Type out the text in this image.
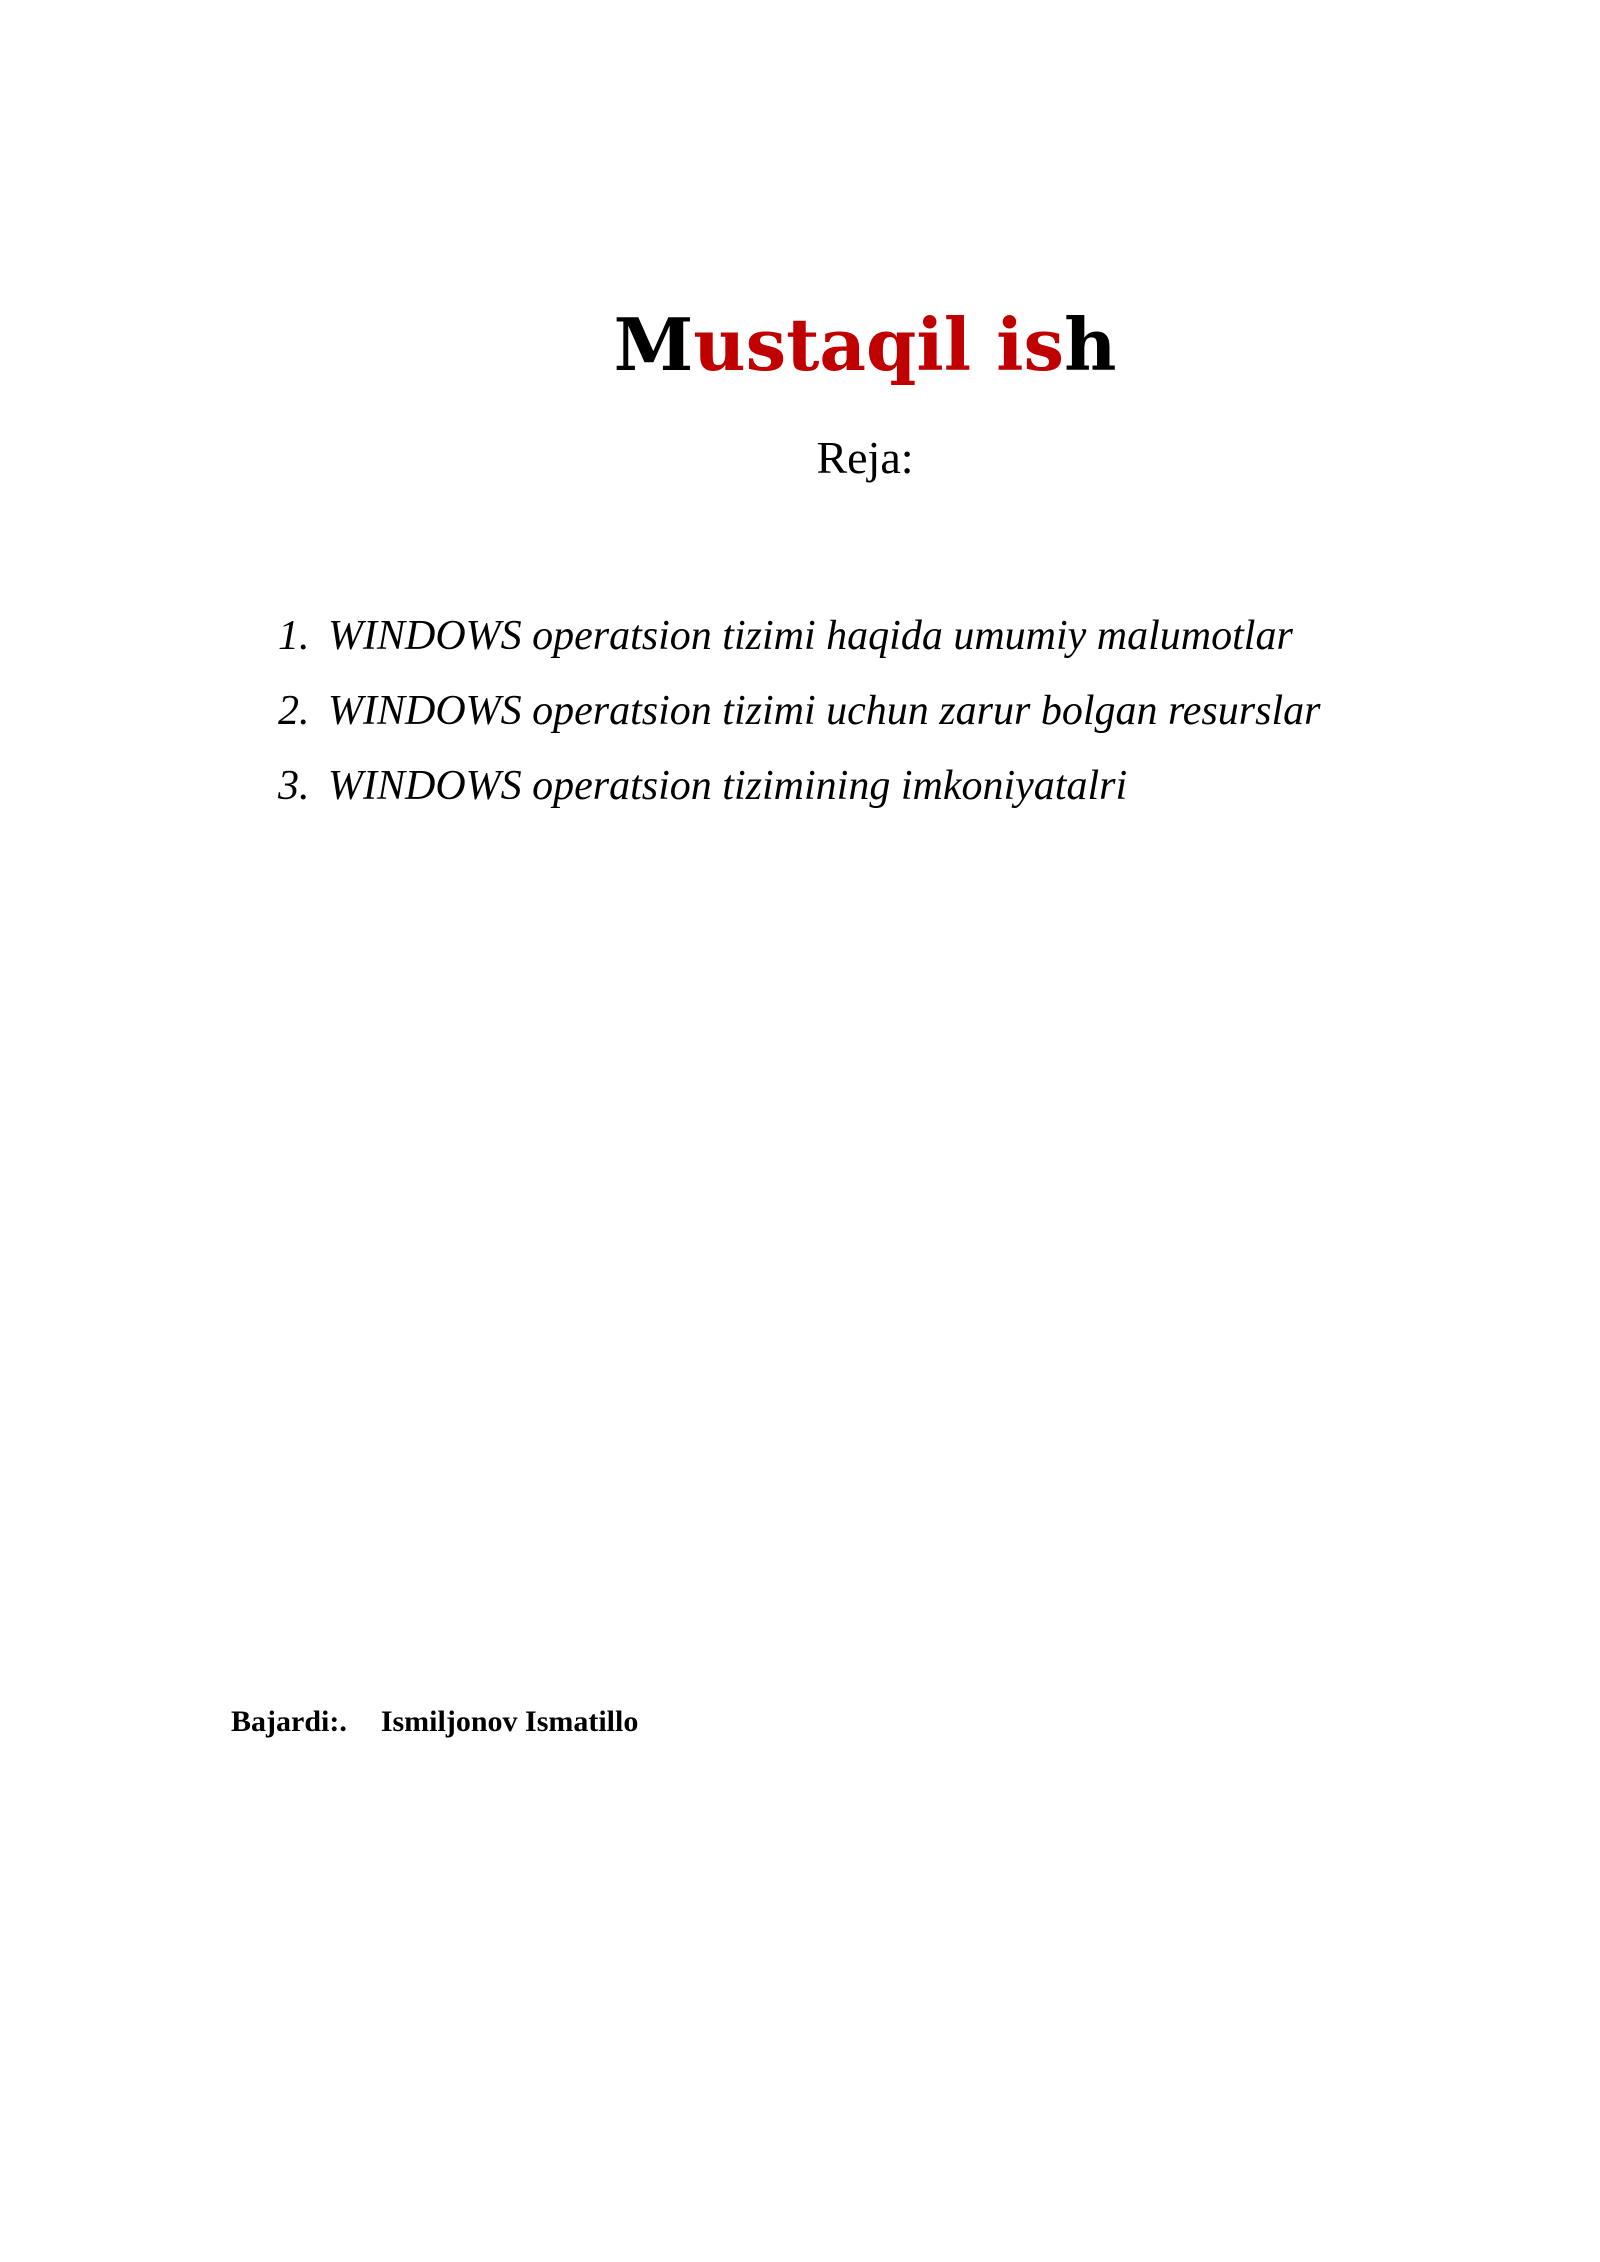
Mustaqil ish
Reja:
1. WINDOWS operatsion tizimi haqida umumiy malumotlar
2. WINDOWS operatsion tizimi uchun zarur bolgan resurslar
3. WINDOWS operatsion tizimining imkoniyatalri
Bajardi:. Ismiljonov Ismatillo
